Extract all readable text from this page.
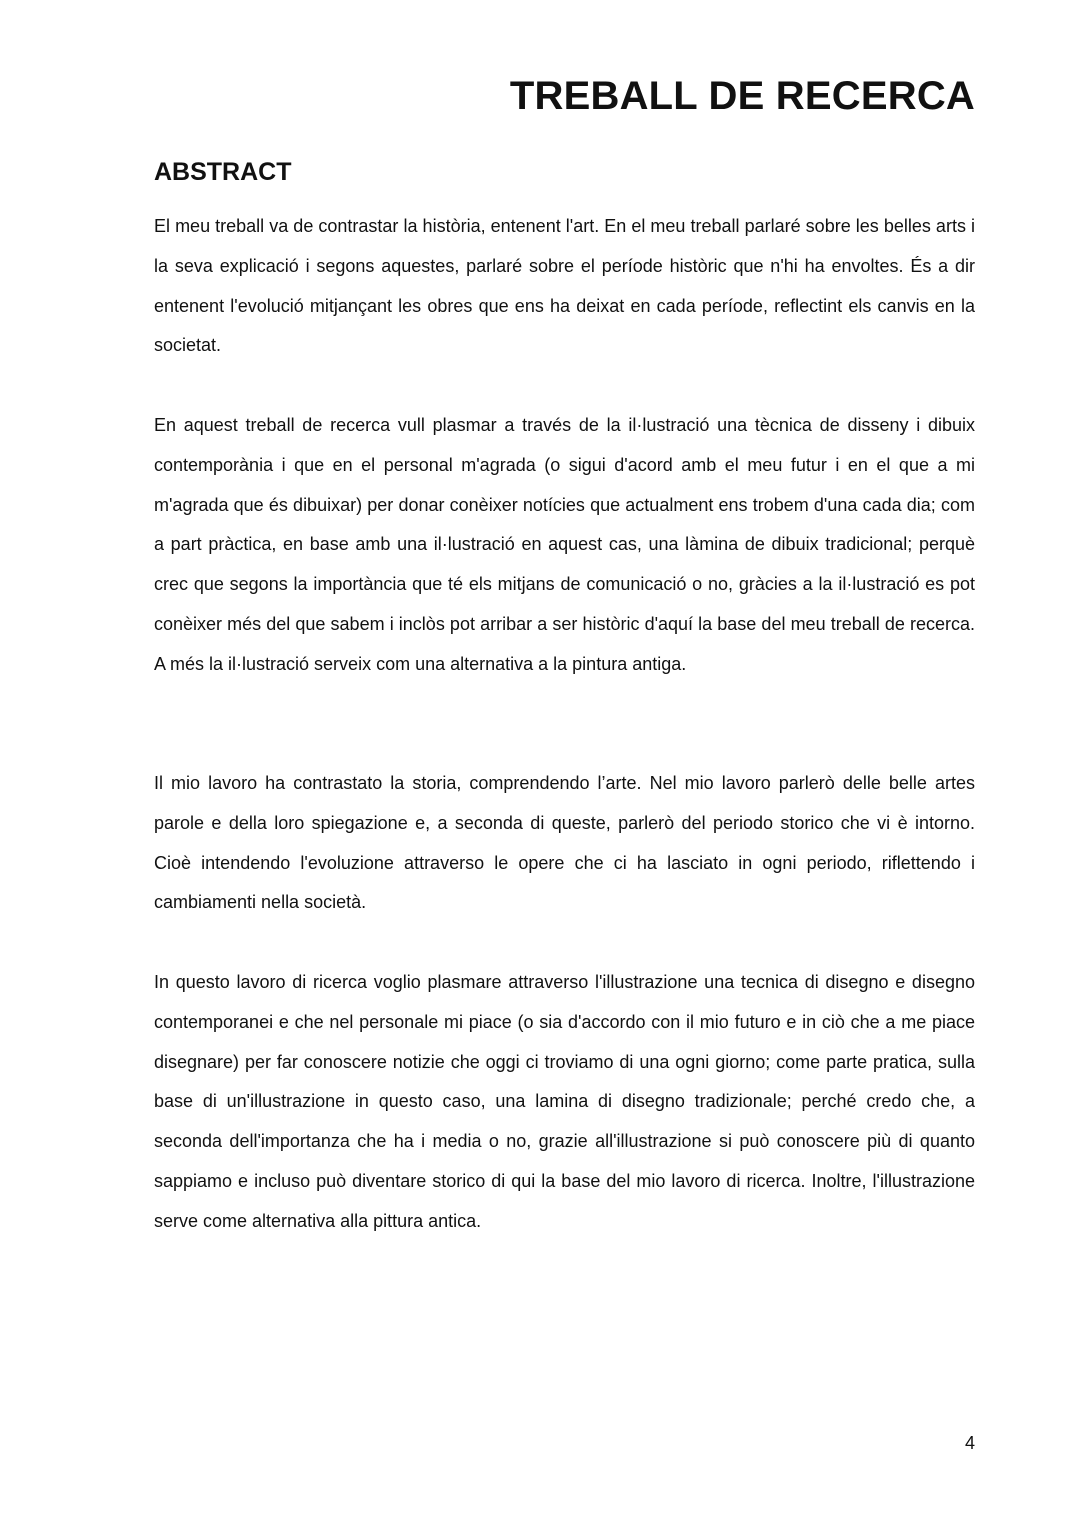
TREBALL DE RECERCA
ABSTRACT

El meu treball va de contrastar la història, entenent l'art. En el meu treball parlaré sobre les belles arts i la seva explicació i segons aquestes, parlaré sobre el període històric que n'hi ha envoltes. És a dir entenent l'evolució mitjançant les obres que ens ha deixat en cada període, reflectint els canvis en la societat.

En aquest treball de recerca vull plasmar a través de la il·lustració una tècnica de disseny i dibuix contemporània i que en el personal m'agrada (o sigui d'acord amb el meu futur i en el que a mi m'agrada que és dibuixar) per donar conèixer notícies que actualment ens trobem d'una cada dia; com a part pràctica, en base amb una il·lustració en aquest cas, una làmina de dibuix tradicional; perquè crec que segons la importància que té els mitjans de comunicació o no, gràcies a la il·lustració es pot conèixer més del que sabem i inclòs pot arribar a ser històric d'aquí la base del meu treball de recerca. A més la il·lustració serveix com una alternativa a la pintura antiga.

Il mio lavoro ha contrastato la storia, comprendendo l’arte. Nel mio lavoro parlerò delle belle artes parole e della loro spiegazione e, a seconda di queste, parlerò del periodo storico che vi è intorno. Cioè intendendo l'evoluzione attraverso le opere che ci ha lasciato in ogni periodo, riflettendo i cambiamenti nella società.

In questo lavoro di ricerca voglio plasmare attraverso l'illustrazione una tecnica di disegno e disegno contemporanei e che nel personale mi piace (o sia d'accordo con il mio futuro e in ciò che a me piace disegnare) per far conoscere notizie che oggi ci troviamo di una ogni giorno; come parte pratica, sulla base di un'illustrazione in questo caso, una lamina di disegno tradizionale; perché credo che, a seconda dell'importanza che ha i media o no, grazie all'illustrazione si può conoscere più di quanto sappiamo e incluso può diventare storico di qui la base del mio lavoro di ricerca. Inoltre, l'illustrazione serve come alternativa alla pittura antica.

4
